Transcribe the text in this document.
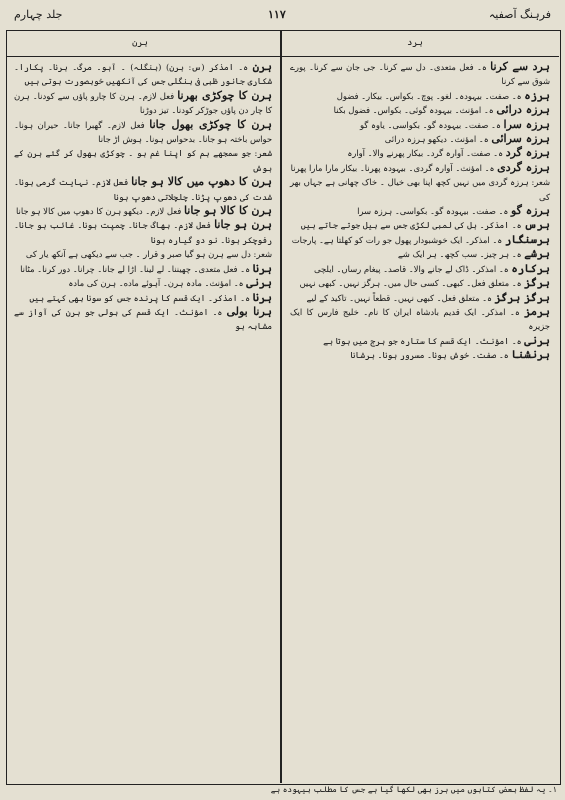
جلد چہارم	۱۱۷	فرہنگ آصفیہ
ہرن	ہرد

ہرن ہ۔ امذکر (س: ہرن) (بنگلہ) ۔ آہو۔ مرگ۔ ہرنا۔ پکارا۔ شکاری جانور ظبی فی بنگلی جس کی آنکھیں خوبصورت ہوتی ہیں

ہرن کا چوکڑی بھرنا فعل لازم۔ ہرن کا چارو پاؤں سے کودنا۔ ہرن کا چار دن پاؤں جوڑکر کودنا۔ تیز دوڑنا

ہرن کا چوکڑی بھول جانا فعل لازم۔ گھبرا جانا۔ حیران ہونا۔ حواس باختہ ہو جانا۔ بدحواس ہونا۔ ہوش اڑ جانا

شعر: جو سمجھے ہم کو اپنا غم ہو ۔ چوکڑی بھول کر گئے ہرن کے ہوش

ہرن کا دھوپ میں کالا ہو جانا فعل لازم۔ نہایت گرمی ہونا۔ شدت کی دھوپ پڑنا۔ چلچلاتی دھوپ ہونا

ہرن کا کالا ہو جانا فعل لازم۔ دیکھو ہرن کا دھوپ میں کالا ہو جانا

ہرن ہو جانا فعل لازم۔ بھاگ جانا۔ چمپت ہونا۔ غائب ہو جانا۔ رفوچکر ہونا۔ نو دو گیارہ ہونا

شعر: دل سے ہرن ہو گیا صبر و قرار ۔ جب سے دیکھی ہے آنکھ یار کی

ہرنا ہ۔ فعل متعدی۔ چھیننا۔ لے لینا۔ اڑا لے جانا۔ چرانا۔ دور کرنا۔ مٹانا

ہرنی ہ۔ امؤنث۔ مادہ ہرن۔ آہوئے ماده۔ ہرن کی مادہ

ہرنا ہ۔ امذکر۔ ایک قسم کا پرندہ جس کو سونا بھی کہتے ہیں

ہرنا بولی ہ۔ امؤنث۔ ایک قسم کی بولی جو ہرن کی آواز سے مشابہ ہو

ہرد سے کرنا ہ۔ فعل متعدی۔ دل سے کرنا۔ جی جان سے کرنا۔ پورے شوق سے کرنا

ہرزہ ہ۔ صفت۔ بیہودہ۔ لغو۔ پوچ۔ بکواس۔ بیکار۔ فضول

ہرزہ درائی ہ۔ امؤنث۔ بیہودہ گوئی۔ بکواس۔ فضول بکنا

ہرزہ سرا ہ۔ صفت۔ بیہودہ گو۔ بکواسی۔ یاوہ گو

ہرزہ سرائی ہ۔ امؤنث۔ دیکھو ہرزہ درائی

ہرزہ گرد ہ۔ صفت۔ آوارہ گرد۔ بیکار پھرنے والا۔ آوارہ

ہرزہ گردی ہ۔ امؤنث۔ آوارہ گردی۔ بیہودہ پھرنا۔ بیکار مارا مارا پھرنا

شعر: ہرزہ گردی میں نہیں کچھ اپنا بھی خیال ۔ خاک چھانی ہے جہاں بھر کی

ہرزہ گو ہ۔ صفت۔ بیہودہ گو۔ بکواسی۔ ہرزہ سرا

ہرس ہ۔ امذکر۔ ہل کی لمبی لکڑی جس سے بیل جوتے جاتے ہیں

ہرسنگار ہ۔ امذکر۔ ایک خوشبودار پھول جو رات کو کھلتا ہے۔ پارجات

ہرشے ہ۔ ہر چیز۔ سب کچھ۔ ہر ایک شے

ہرکارہ ہ۔ امذکر۔ ڈاک لے جانے والا۔ قاصد۔ پیغام رساں۔ ایلچی

ہرگز ہ۔ متعلق فعل۔ کبھی۔ کسی حال میں۔ ہرگز نہیں۔ کبھی نہیں

ہرگز ہرگز ہ۔ متعلق فعل۔ کبھی نہیں۔ قطعاً نہیں۔ تاکید کے لیے

ہرمز ہ۔ امذکر۔ ایک قدیم بادشاہ ایران کا نام۔ خلیج فارس کا ایک جزیرہ

ہرنی ہ۔ امؤنث۔ ایک قسم کا ستارہ جو برج میں ہوتا ہے

ہرنشنا ہ۔ صفت۔ خوش ہونا۔ مسرور ہونا۔ ہرشانا

۱۔ یہ لفظ بعض کتابوں میں ہرز بھی لکھا گیا ہے جس کا مطلب بیہودہ ہے
